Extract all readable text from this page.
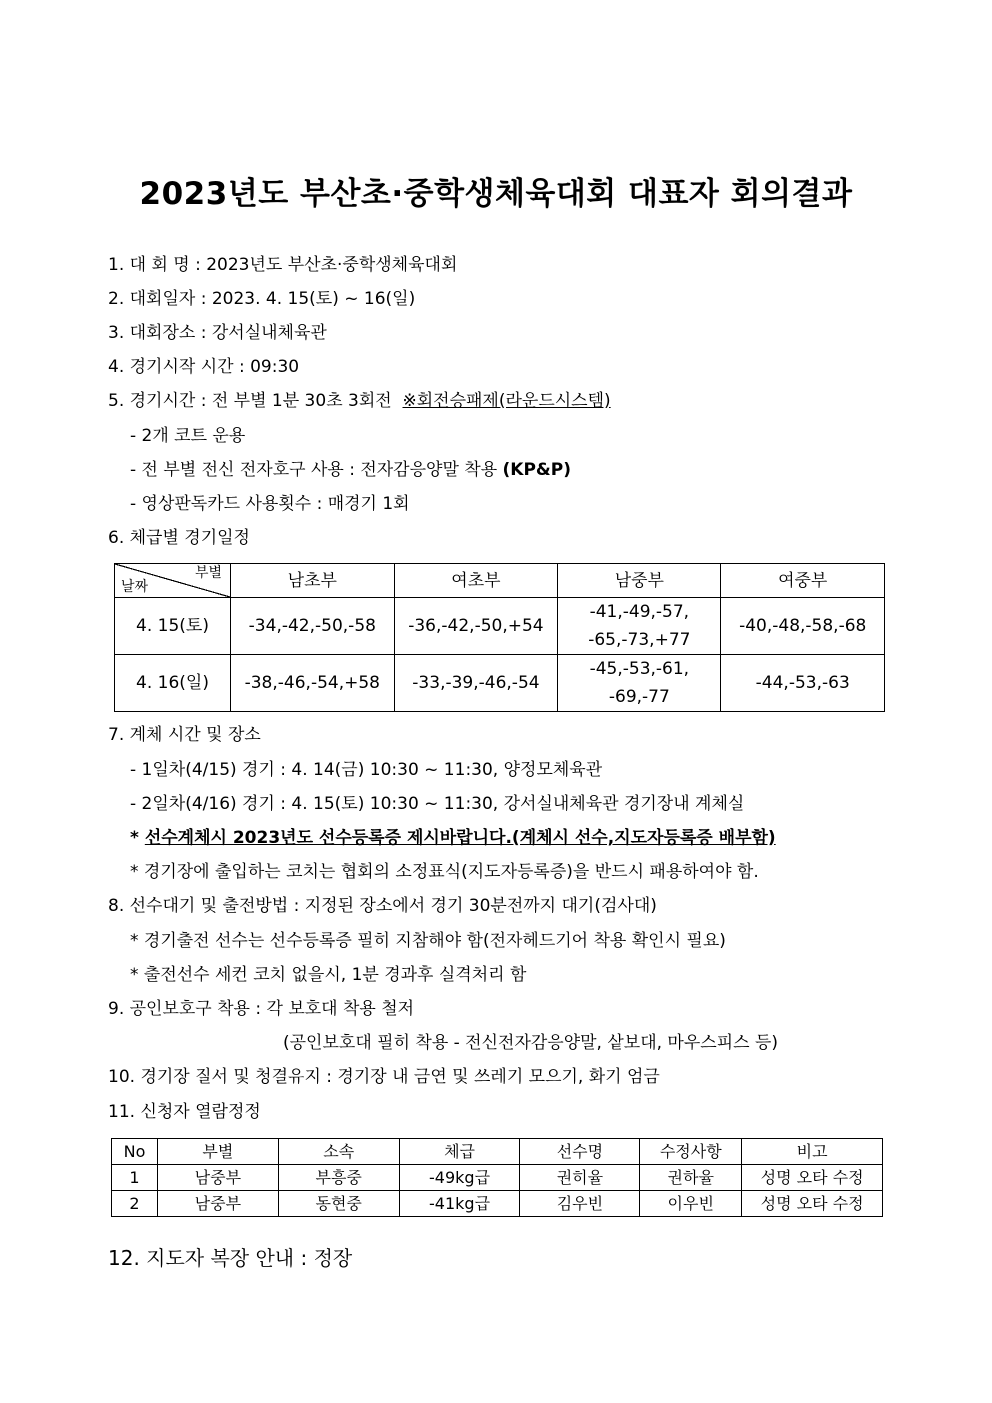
2023년도 부산초·중학생체육대회 대표자 회의결과
1. 대 회 명 : 2023년도 부산초·중학생체육대회
2. 대회일자 : 2023. 4. 15(토) ~ 16(일)
3. 대회장소 : 강서실내체육관
4. 경기시작 시간 : 09:30
5. 경기시간 : 전 부별 1분 30초 3회전  ※회전승패제(라운드시스템)
- 2개 코트 운용
- 전 부별 전신 전자호구 사용 : 전자감응양말 착용 (KP&P)
- 영상판독카드 사용횟수 : 매경기 1회
6. 체급별 경기일정
부별
날짜	남초부	여초부	남중부	여중부
4. 15(토)	-34,-42,-50,-58	-36,-42,-50,+54	-41,-49,-57,
-65,-73,+77	-40,-48,-58,-68
4. 16(일)	-38,-46,-54,+58	-33,-39,-46,-54	-45,-53,-61,
-69,-77	-44,-53,-63
7. 계체 시간 및 장소
- 1일차(4/15) 경기 : 4. 14(금) 10:30 ~ 11:30, 양정모체육관
- 2일차(4/16) 경기 : 4. 15(토) 10:30 ~ 11:30, 강서실내체육관 경기장내 계체실
* 선수계체시 2023년도 선수등록증 제시바랍니다.(계체시 선수,지도자등록증 배부함)
* 경기장에 출입하는 코치는 협회의 소정표식(지도자등록증)을 반드시 패용하여야 함.
8. 선수대기 및 출전방법 : 지정된 장소에서 경기 30분전까지 대기(검사대)
* 경기출전 선수는 선수등록증 필히 지참해야 함(전자헤드기어 착용 확인시 필요)
* 출전선수 세컨 코치 없을시, 1분 경과후 실격처리 함
9. 공인보호구 착용 : 각 보호대 착용 철저
(공인보호대 필히 착용 - 전신전자감응양말, 샅보대, 마우스피스 등)
10. 경기장 질서 및 청결유지 : 경기장 내 금연 및 쓰레기 모으기, 화기 엄금
11. 신청자 열람정정
No	부별	소속	체급	선수명	수정사항	비고
1	남중부	부흥중	-49kg급	권히율	권하율	성명 오타 수정
2	남중부	동현중	-41kg급	김우빈	이우빈	성명 오타 수정
12. 지도자 복장 안내 : 정장
